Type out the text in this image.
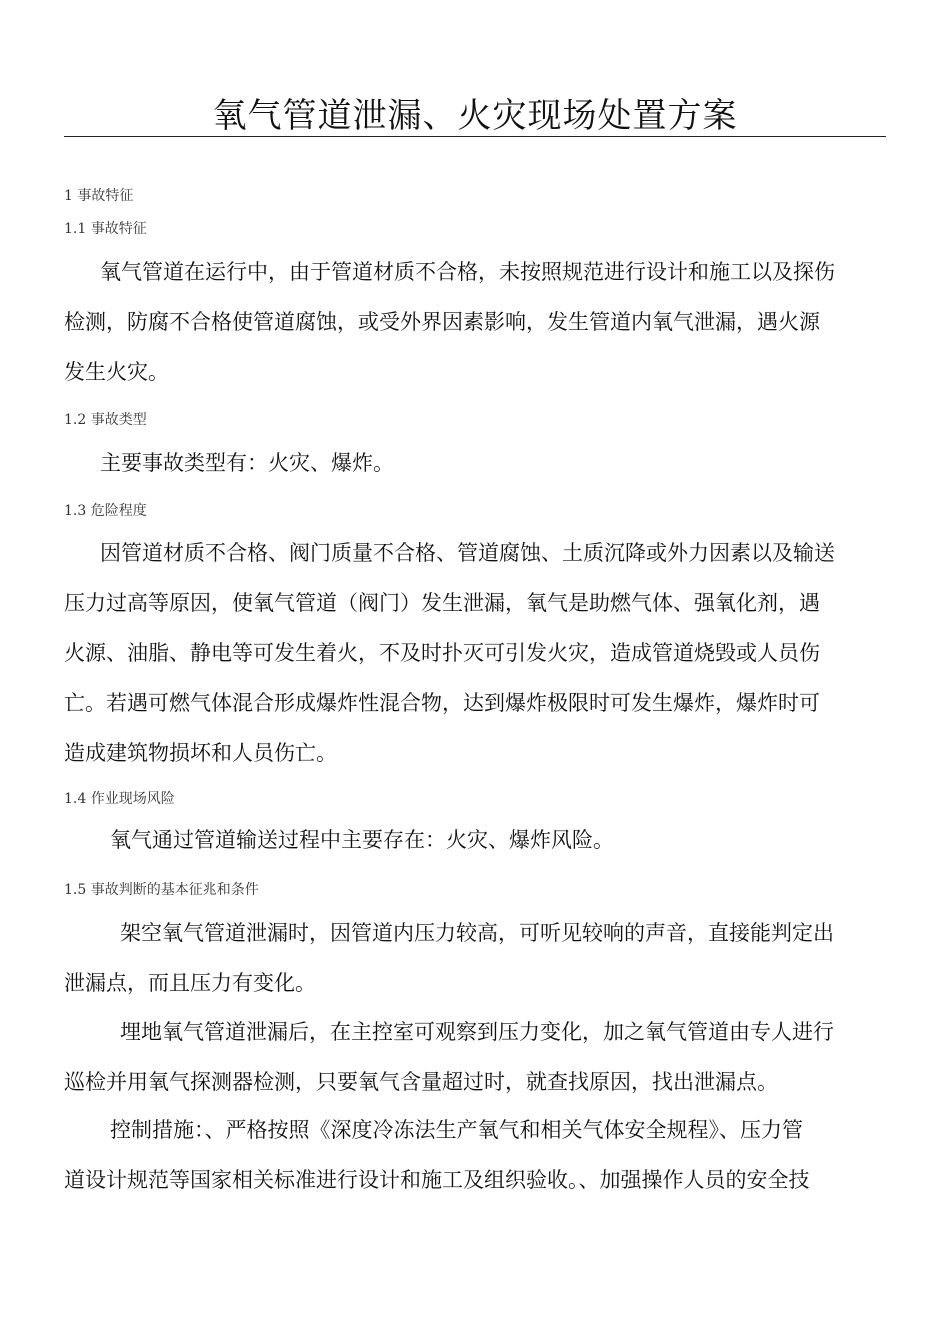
氧气管道泄漏、火灾现场处置方案

1 事故特征

1.1 事故特征

氧气管道在运行中，由于管道材质不合格，未按照规范进行设计和施工以及探伤
检测，防腐不合格使管道腐蚀，或受外界因素影响，发生管道内氧气泄漏，遇火源
发生火灾。

1.2 事故类型

主要事故类型有：火灾、爆炸。

1.3 危险程度

因管道材质不合格、阀门质量不合格、管道腐蚀、土质沉降或外力因素以及输送
压力过高等原因，使氧气管道（阀门）发生泄漏，氧气是助燃气体、强氧化剂，遇
火源、油脂、静电等可发生着火，不及时扑灭可引发火灾，造成管道烧毁或人员伤
亡。若遇可燃气体混合形成爆炸性混合物，达到爆炸极限时可发生爆炸，爆炸时可
造成建筑物损坏和人员伤亡。

1.4 作业现场风险

氧气通过管道输送过程中主要存在：火灾、爆炸风险。

1.5 事故判断的基本征兆和条件

架空氧气管道泄漏时，因管道内压力较高，可听见较响的声音，直接能判定出
泄漏点，而且压力有变化。
埋地氧气管道泄漏后，在主控室可观察到压力变化，加之氧气管道由专人进行
巡检并用氧气探测器检测，只要氧气含量超过时，就查找原因，找出泄漏点。
控制措施：、严格按照《深度冷冻法生产氧气和相关气体安全规程》、压力管
道设计规范等国家相关标准进行设计和施工及组织验收。、加强操作人员的安全技
